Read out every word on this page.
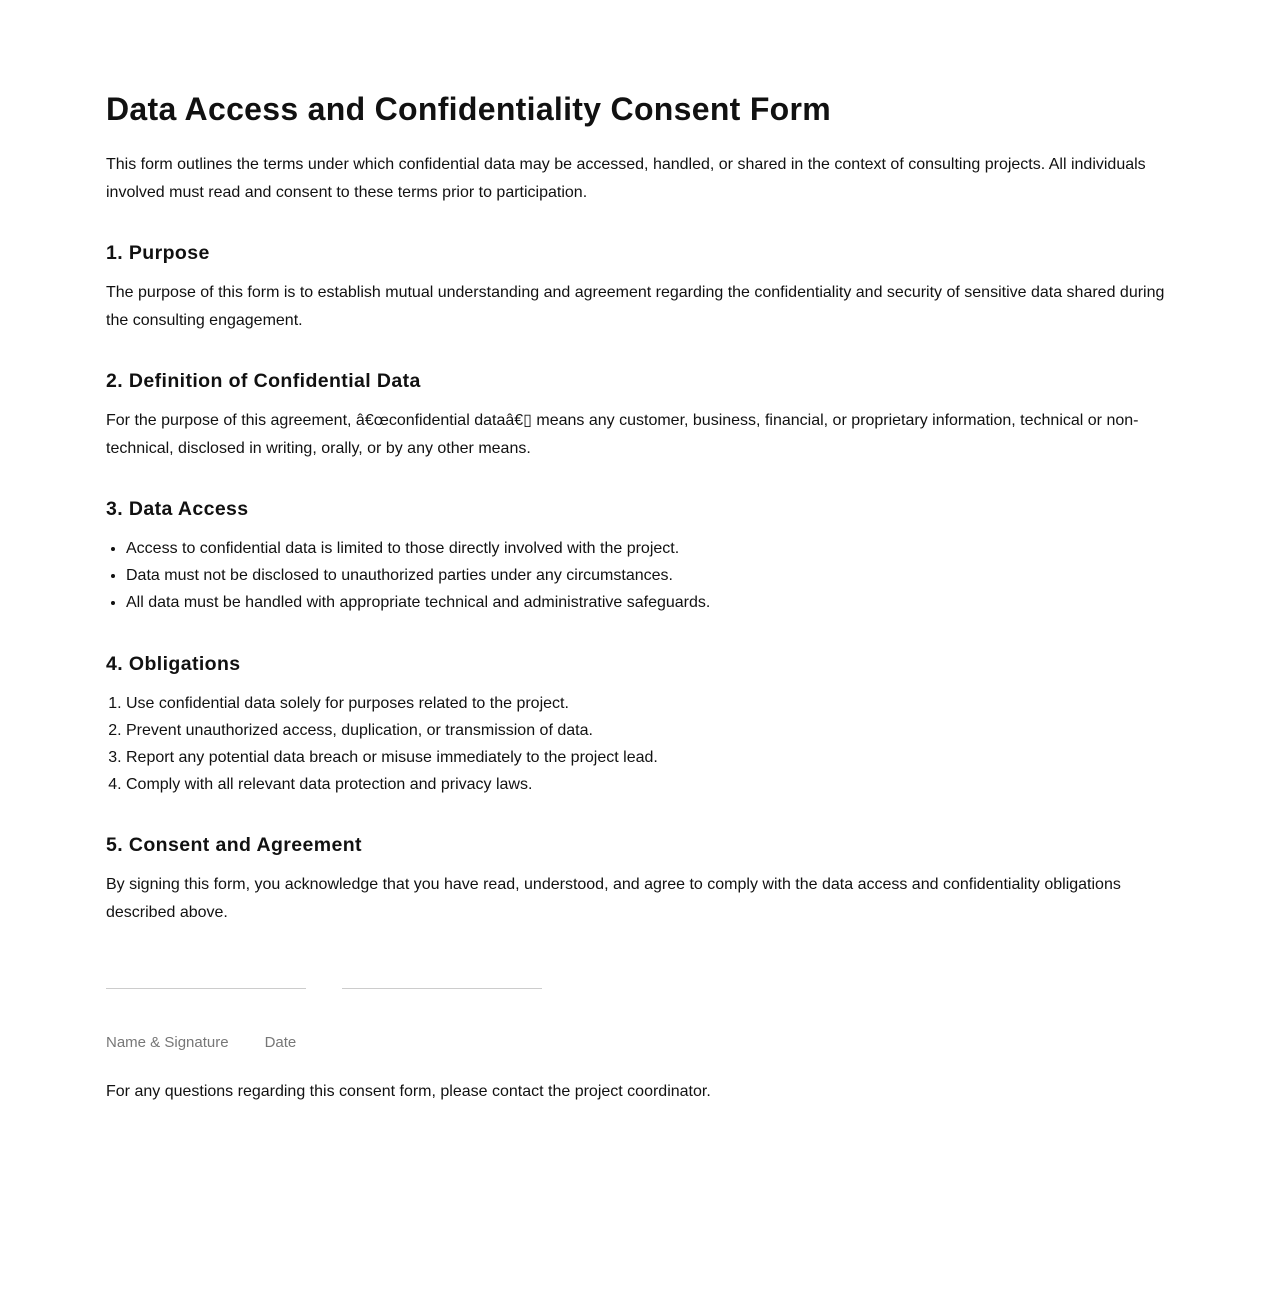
Data Access and Confidentiality Consent Form

This form outlines the terms under which confidential data may be accessed, handled, or shared in the context of consulting projects. All individuals involved must read and consent to these terms prior to participation.

1. Purpose

The purpose of this form is to establish mutual understanding and agreement regarding the confidentiality and security of sensitive data shared during the consulting engagement.

2. Definition of Confidential Data

For the purpose of this agreement, â€œconfidential dataâ€▯ means any customer, business, financial, or proprietary information, technical or non-technical, disclosed in writing, orally, or by any other means.

3. Data Access
• Access to confidential data is limited to those directly involved with the project.
• Data must not be disclosed to unauthorized parties under any circumstances.
• All data must be handled with appropriate technical and administrative safeguards.
4. Obligations
1. Use confidential data solely for purposes related to the project.
2. Prevent unauthorized access, duplication, or transmission of data.
3. Report any potential data breach or misuse immediately to the project lead.
4. Comply with all relevant data protection and privacy laws.
5. Consent and Agreement

By signing this form, you acknowledge that you have read, understood, and agree to comply with the data access and confidentiality obligations described above.

Name & Signature Date

For any questions regarding this consent form, please contact the project coordinator.
